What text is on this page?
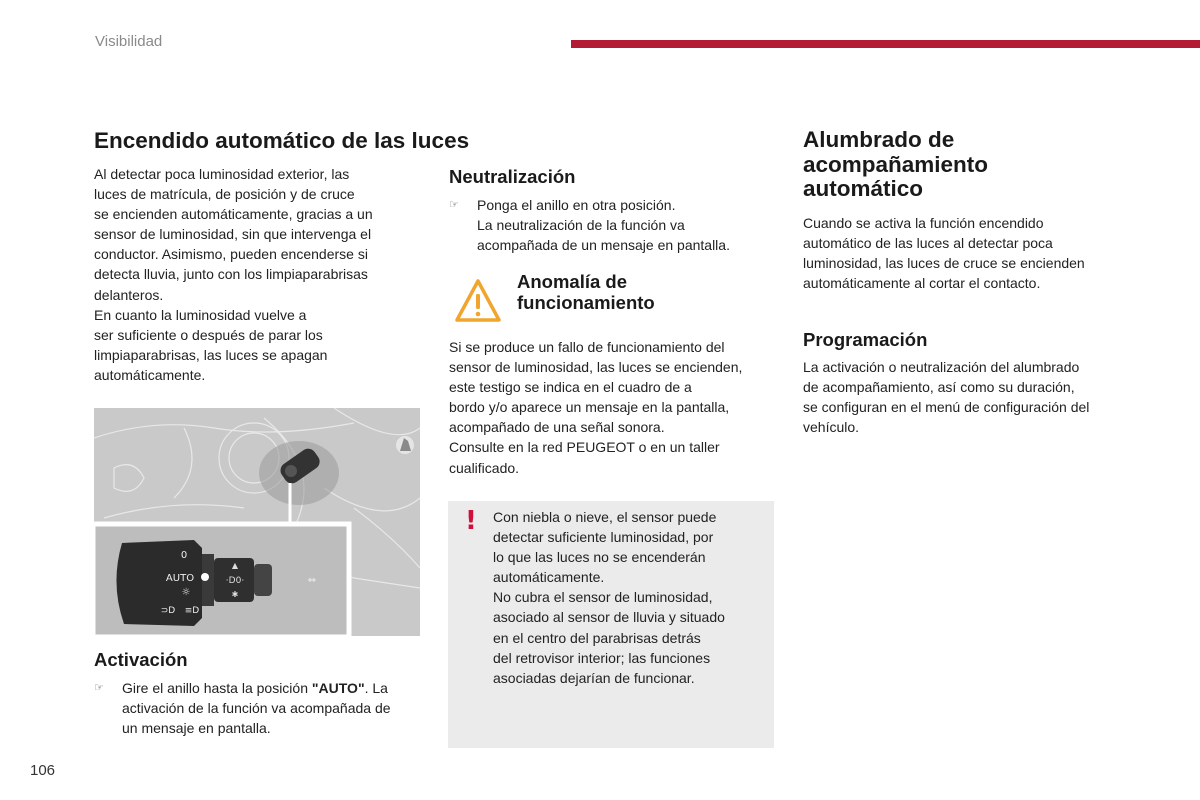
Visibilidad
Encendido automático de las luces
Al detectar poca luminosidad exterior, las
luces de matrícula, de posición y de cruce
se encienden automáticamente, gracias a un
sensor de luminosidad, sin que intervenga el
conductor. Asimismo, pueden encenderse si
detecta lluvia, junto con los limpiaparabrisas
delanteros.
En cuanto la luminosidad vuelve a
ser suficiente o después de parar los
limpiaparabrisas, las luces se apagan
automáticamente.
0
AUTO
☼
⊃D ≡D
·D0·
▲
✱
⇔
Activación
☞	Gire el anillo hasta la posición "AUTO". La
activación de la función va acompañada de
un mensaje en pantalla.
Neutralización
☞	Ponga el anillo en otra posición.
La neutralización de la función va
acompañada de un mensaje en pantalla.
Anomalía de
funcionamiento
Si se produce un fallo de funcionamiento del
sensor de luminosidad, las luces se encienden,
este testigo se indica en el cuadro de a
bordo y/o aparece un mensaje en la pantalla,
acompañado de una señal sonora.
Consulte en la red PEUGEOT o en un taller
cualificado.
! Con niebla o nieve, el sensor puede
detectar suficiente luminosidad, por
lo que las luces no se encenderán
automáticamente.
No cubra el sensor de luminosidad,
asociado al sensor de lluvia y situado
en el centro del parabrisas detrás
del retrovisor interior; las funciones
asociadas dejarían de funcionar.
Alumbrado de
acompañamiento
automático
Cuando se activa la función encendido
automático de las luces al detectar poca
luminosidad, las luces de cruce se encienden
automáticamente al cortar el contacto.
Programación
La activación o neutralización del alumbrado
de acompañamiento, así como su duración,
se configuran en el menú de configuración del
vehículo.
106
